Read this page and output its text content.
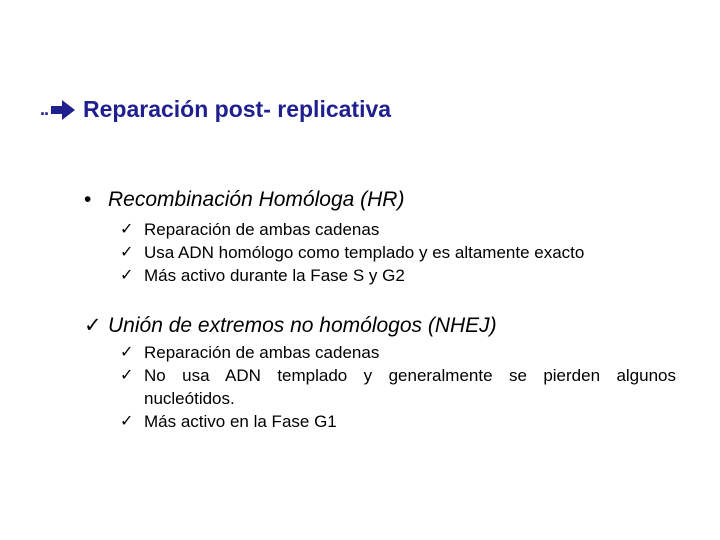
.. Reparación post- replicativa
• Recombinación Homóloga (HR)
✓ Reparación de ambas cadenas
✓ Usa ADN homólogo como templado y es altamente exacto
✓ Más activo durante la Fase S y G2
✓ Unión de extremos no homólogos (NHEJ)
✓ Reparación de ambas cadenas
✓ No usa ADN templado y generalmente se pierden algunos nucleótidos.
✓ Más activo en la Fase G1
